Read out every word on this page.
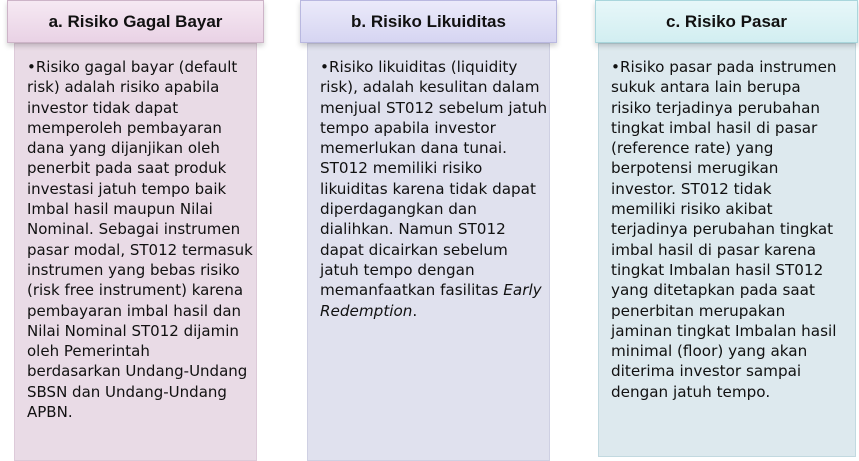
•Risiko gagal bayar (default
risk) adalah risiko apabila
investor tidak dapat
memperoleh pembayaran
dana yang dijanjikan oleh
penerbit pada saat produk
investasi jatuh tempo baik
Imbal hasil maupun Nilai
Nominal. Sebagai instrumen
pasar modal, ST012 termasuk
instrumen yang bebas risiko
(risk free instrument) karena
pembayaran imbal hasil dan
Nilai Nominal ST012 dijamin
oleh Pemerintah
berdasarkan Undang-Undang
SBSN dan Undang-Undang
APBN.
a. Risiko Gagal Bayar
•Risiko likuiditas (liquidity
risk), adalah kesulitan dalam
menjual ST012 sebelum jatuh
tempo apabila investor
memerlukan dana tunai.
ST012 memiliki risiko
likuiditas karena tidak dapat
diperdagangkan dan
dialihkan. Namun ST012
dapat dicairkan sebelum
jatuh tempo dengan
memanfaatkan fasilitas Early
Redemption.
b. Risiko Likuiditas
•Risiko pasar pada instrumen
sukuk antara lain berupa
risiko terjadinya perubahan
tingkat imbal hasil di pasar
(reference rate) yang
berpotensi merugikan
investor. ST012 tidak
memiliki risiko akibat
terjadinya perubahan tingkat
imbal hasil di pasar karena
tingkat Imbalan hasil ST012
yang ditetapkan pada saat
penerbitan merupakan
jaminan tingkat Imbalan hasil
minimal (floor) yang akan
diterima investor sampai
dengan jatuh tempo.
c. Risiko Pasar
